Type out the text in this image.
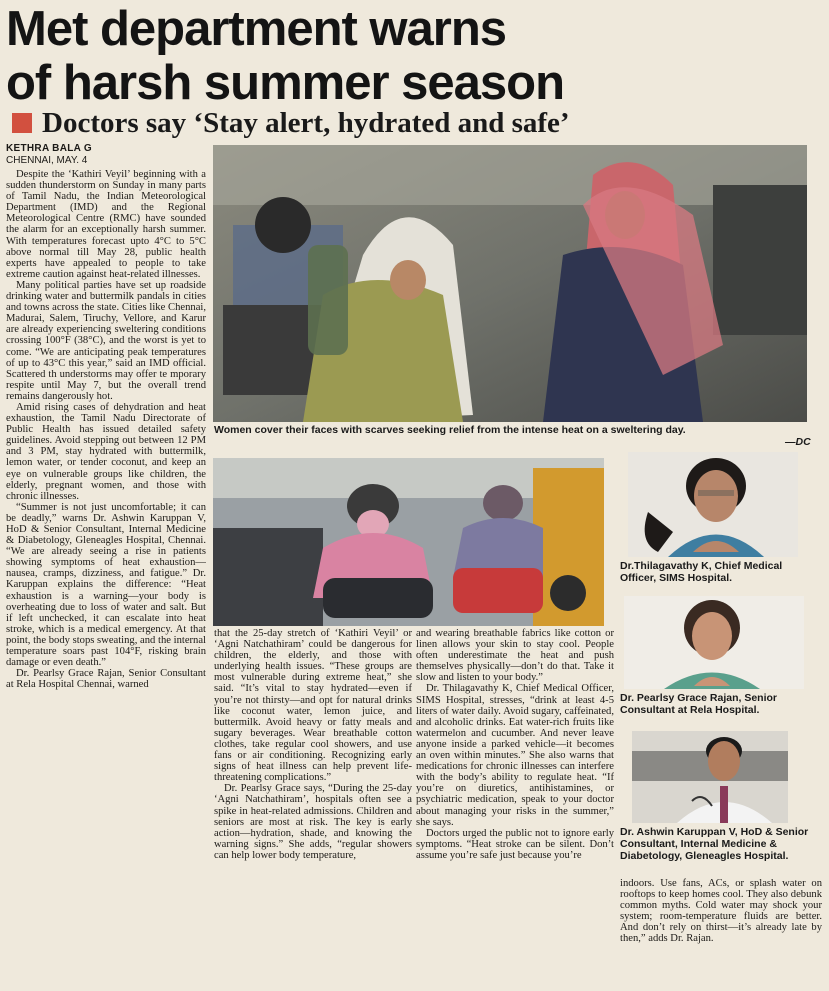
Met department warns
of harsh summer season
Doctors say ‘Stay alert, hydrated and safe’
KETHRA BALA G
CHENNAI, MAY. 4

Despite the ‘Kathiri Veyil’ beginning with a sudden thunderstorm on Sunday in many parts of Tamil Nadu, the Indian Meteorological Department (IMD) and the Regional Meteorological Centre (RMC) have sounded the alarm for an exceptionally harsh summer. With temperatures forecast upto 4°C to 5°C above normal till May 28, public health experts have appealed to people to take extreme caution against heat-related illnesses.

Many political parties have set up roadside drinking water and buttermilk pandals in cities and towns across the state. Cities like Chennai, Madurai, Salem, Tiruchy, Vellore, and Karur are already experiencing sweltering conditions crossing 100°F (38°C), and the worst is yet to come. “We are anticipating peak temperatures of up to 43°C this year,” said an IMD official. Scattered th understorms may offer te mporary respite until May 7, but the overall trend remains dangerously hot.

Amid rising cases of dehydration and heat exhaustion, the Tamil Nadu Directorate of Public Health has issued detailed safety guidelines. Avoid stepping out between 12 PM and 3 PM, stay hydrated with buttermilk, lemon water, or tender coconut, and keep an eye on vulnerable groups like children, the elderly, pregnant women, and those with chronic illnesses.

“Summer is not just uncomfortable; it can be deadly,” warns Dr. Ashwin Karuppan V, HoD & Senior Consultant, Internal Medicine & Diabetology, Gleneagles Hospital, Chennai. “We are already seeing a rise in patients showing symptoms of heat exhaustion—nausea, cramps, dizziness, and fatigue.” Dr. Karuppan explains the difference: “Heat exhaustion is a warning—your body is overheating due to loss of water and salt. But if left unchecked, it can escalate into heat stroke, which is a medical emergency. At that point, the body stops sweating, and the internal temperature soars past 104°F, risking brain damage or even death.”

Dr. Pearlsy Grace Rajan, Senior Consultant at Rela Hospital Chennai, warned

Women cover their faces with scarves seeking relief from the intense heat on a sweltering day.
—DC
Dr.Thilagavathy K, Chief Medical Officer, SIMS Hospital.
Dr. Pearlsy Grace Rajan, Senior Consultant at Rela Hospital.
Dr. Ashwin Karuppan V, HoD & Senior Consultant, Internal Medicine & Diabetology, Gleneagles Hospital.

that the 25-day stretch of ‘Kathiri Veyil’ or ‘Agni Natchathiram’ could be dangerous for children, the elderly, and those with underlying health issues. “These groups are most vulnerable during extreme heat,” she said. “It’s vital to stay hydrated—even if you’re not thirsty—and opt for natural drinks like coconut water, lemon juice, and buttermilk. Avoid heavy or fatty meals and sugary beverages. Wear breathable cotton clothes, take regular cool showers, and use fans or air conditioning. Recognizing early signs of heat illness can help prevent life-threatening complications.”

Dr. Pearlsy Grace says, “During the 25-day ‘Agni Natchathiram’, hospitals often see a spike in heat-related admissions. Children and seniors are most at risk. The key is early action—hydration, shade, and knowing the warning signs.” She adds, “regular showers can help lower body temperature,

and wearing breathable fabrics like cotton or linen allows your skin to stay cool. People often underestimate the heat and push themselves physically—don’t do that. Take it slow and listen to your body.”

Dr. Thilagavathy K, Chief Medical Officer, SIMS Hospital, stresses, “drink at least 4-5 liters of water daily. Avoid sugary, caffeinated, and alcoholic drinks. Eat water-rich fruits like watermelon and cucumber. And never leave anyone inside a parked vehicle—it becomes an oven within minutes.” She also warns that medications for chronic illnesses can interfere with the body’s ability to regulate heat. “If you’re on diuretics, antihistamines, or psychiatric medication, speak to your doctor about managing your risks in the summer,” she says.

Doctors urged the public not to ignore early symptoms. “Heat stroke can be silent. Don’t assume you’re safe just because you’re

indoors. Use fans, ACs, or splash water on rooftops to keep homes cool. They also debunk common myths. Cold water may shock your system; room-temperature fluids are better. And don’t rely on thirst—it’s already late by then,” adds Dr. Rajan.
